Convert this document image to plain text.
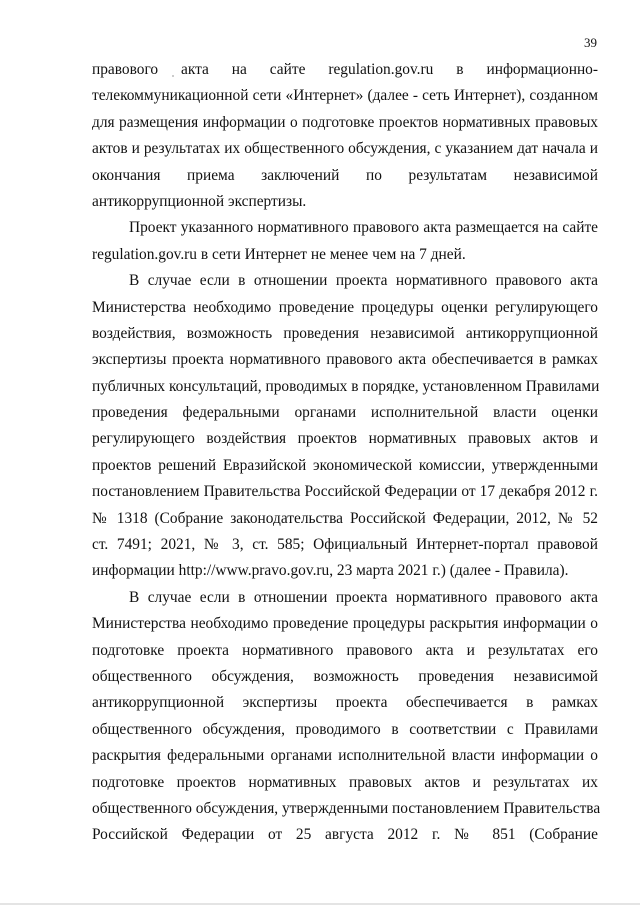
39
правового акта на сайте regulation.gov.ru в информационно-
телекоммуникационной сети «Интернет» (далее - сеть Интернет), созданном
для размещения информации о подготовке проектов нормативных правовых
актов и результатах их общественного обсуждения, с указанием дат начала и
окончания приема заключений по результатам независимой
антикоррупционной экспертизы.
Проект указанного нормативного правового акта размещается на сайте
regulation.gov.ru в сети Интернет не менее чем на 7 дней.
В случае если в отношении проекта нормативного правового акта
Министерства необходимо проведение процедуры оценки регулирующего
воздействия, возможность проведения независимой антикоррупционной
экспертизы проекта нормативного правового акта обеспечивается в рамках
публичных консультаций, проводимых в порядке, установленном Правилами
проведения федеральными органами исполнительной власти оценки
регулирующего воздействия проектов нормативных правовых актов и
проектов решений Евразийской экономической комиссии, утвержденными
постановлением Правительства Российской Федерации от 17 декабря 2012 г.
№ 1318 (Собрание законодательства Российской Федерации, 2012, № 52
ст. 7491; 2021, № 3, ст. 585; Официальный Интернет-портал правовой
информации http://www.pravo.gov.ru, 23 марта 2021 г.) (далее - Правила).
В случае если в отношении проекта нормативного правового акта
Министерства необходимо проведение процедуры раскрытия информации о
подготовке проекта нормативного правового акта и результатах его
общественного обсуждения, возможность проведения независимой
антикоррупционной экспертизы проекта обеспечивается в рамках
общественного обсуждения, проводимого в соответствии с Правилами
раскрытия федеральными органами исполнительной власти информации о
подготовке проектов нормативных правовых актов и результатах их
общественного обсуждения, утвержденными постановлением Правительства
Российской Федерации от 25 августа 2012 г. № 851 (Собрание
